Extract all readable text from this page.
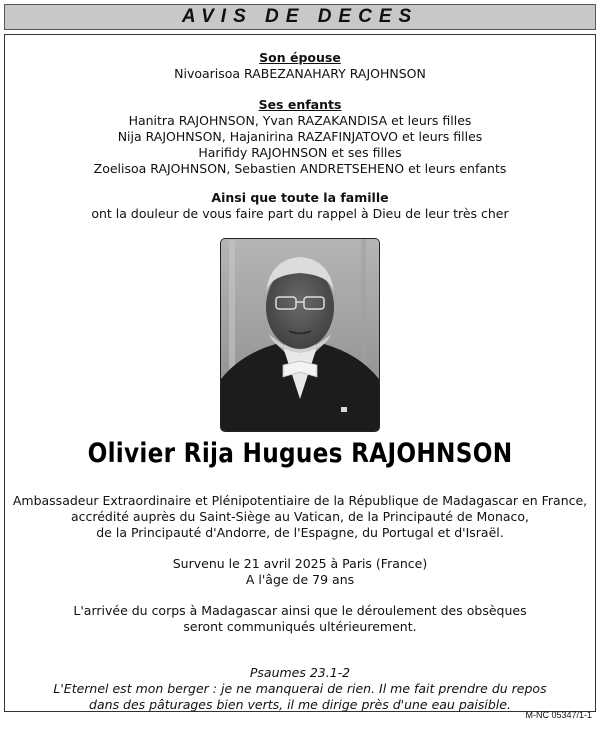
AVIS DE DECES
Son épouse
Nivoarisoa RABEZANAHARY RAJOHNSON
Ses enfants
Hanitra RAJOHNSON, Yvan RAZAKANDISA et leurs filles
Nija RAJOHNSON, Hajanirina RAZAFINJATOVO et leurs filles
Harifidy RAJOHNSON et ses filles
Zoelisoa RAJOHNSON, Sebastien ANDRETSEHENO et leurs enfants
Ainsi que toute la famille
ont la douleur de vous faire part du rappel à Dieu de leur très cher
Olivier Rija Hugues RAJOHNSON
Ambassadeur Extraordinaire et Plénipotentiaire de la République de Madagascar en France,
accrédité auprès du Saint-Siège au Vatican, de la Principauté de Monaco,
de la Principauté d'Andorre, de l'Espagne, du Portugal et d'Israël.
Survenu le 21 avril 2025 à Paris (France)
A l'âge de 79 ans
L'arrivée du corps à Madagascar ainsi que le déroulement des obsèques
seront communiqués ultérieurement.
Psaumes 23.1-2
L'Eternel est mon berger : je ne manquerai de rien. Il me fait prendre du repos
dans des pâturages bien verts, il me dirige près d'une eau paisible.
M-NC 05347/1-1
